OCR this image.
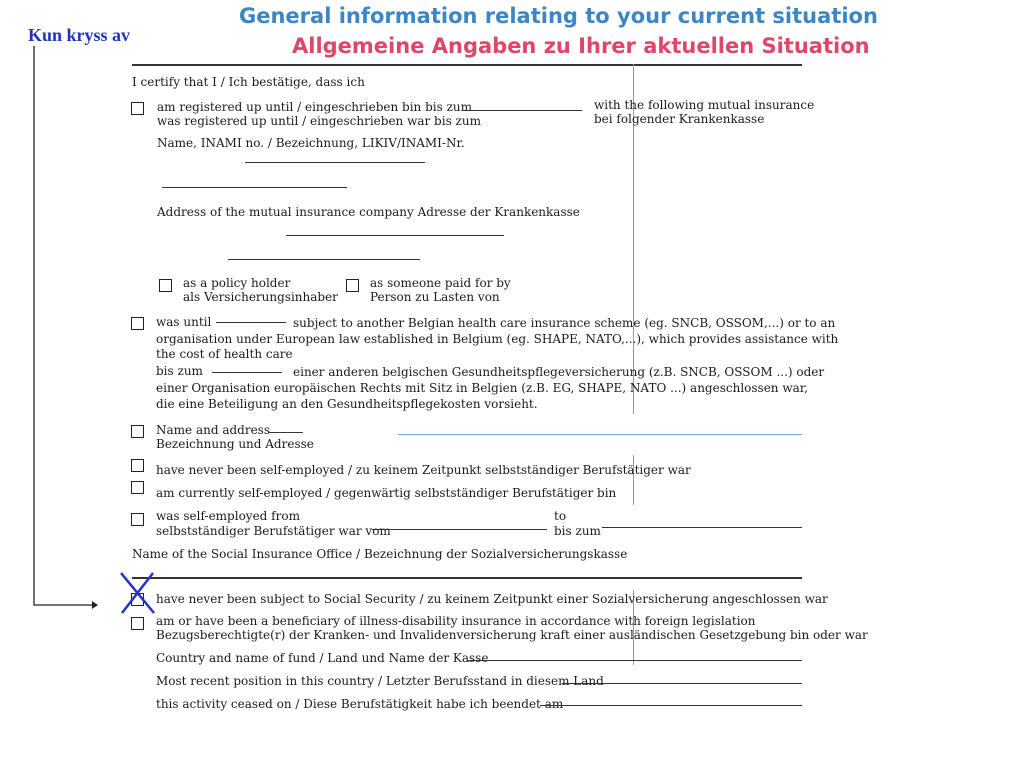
General information relating to your current situation
Allgemeine Angaben zu Ihrer aktuellen Situation
Kun kryss av
I certify that I / Ich bestätige, dass ich
am registered up until / eingeschrieben bin bis zum
was registered up until / eingeschrieben war bis zum
with the following mutual insurance
bei folgender Krankenkasse
Name, INAMI no. / Bezeichnung, LIKIV/INAMI-Nr.
Address of the mutual insurance company Adresse der Krankenkasse
as a policy holder
als Versicherungsinhaber
as someone paid for by
Person zu Lasten von
was until	subject to another Belgian health care insurance scheme (eg. SNCB, OSSOM,...) or to an
organisation under European law established in Belgium (eg. SHAPE, NATO,...), which provides assistance with
the cost of health care
bis zum	einer anderen belgischen Gesundheitspflegeversicherung (z.B. SNCB, OSSOM ...) oder
einer Organisation europäischen Rechts mit Sitz in Belgien (z.B. EG, SHAPE, NATO ...) angeschlossen war,
die eine Beteiligung an den Gesundheitspflegekosten vorsieht.
Name and address
Bezeichnung und Adresse
have never been self-employed / zu keinem Zeitpunkt selbstständiger Berufstätiger war
am currently self-employed / gegenwärtig selbstständiger Berufstätiger bin
was self-employed from
selbstständiger Berufstätiger war vom
to
bis zum
Name of the Social Insurance Office / Bezeichnung der Sozialversicherungskasse
have never been subject to Social Security / zu keinem Zeitpunkt einer Sozialversicherung angeschlossen war
am or have been a beneficiary of illness-disability insurance in accordance with foreign legislation
Bezugsberechtigte(r) der Kranken- und Invalidenversicherung kraft einer ausländischen Gesetzgebung bin oder war
Country and name of fund / Land und Name der Kasse
Most recent position in this country / Letzter Berufsstand in diesem Land
this activity ceased on / Diese Berufstätigkeit habe ich beendet am
